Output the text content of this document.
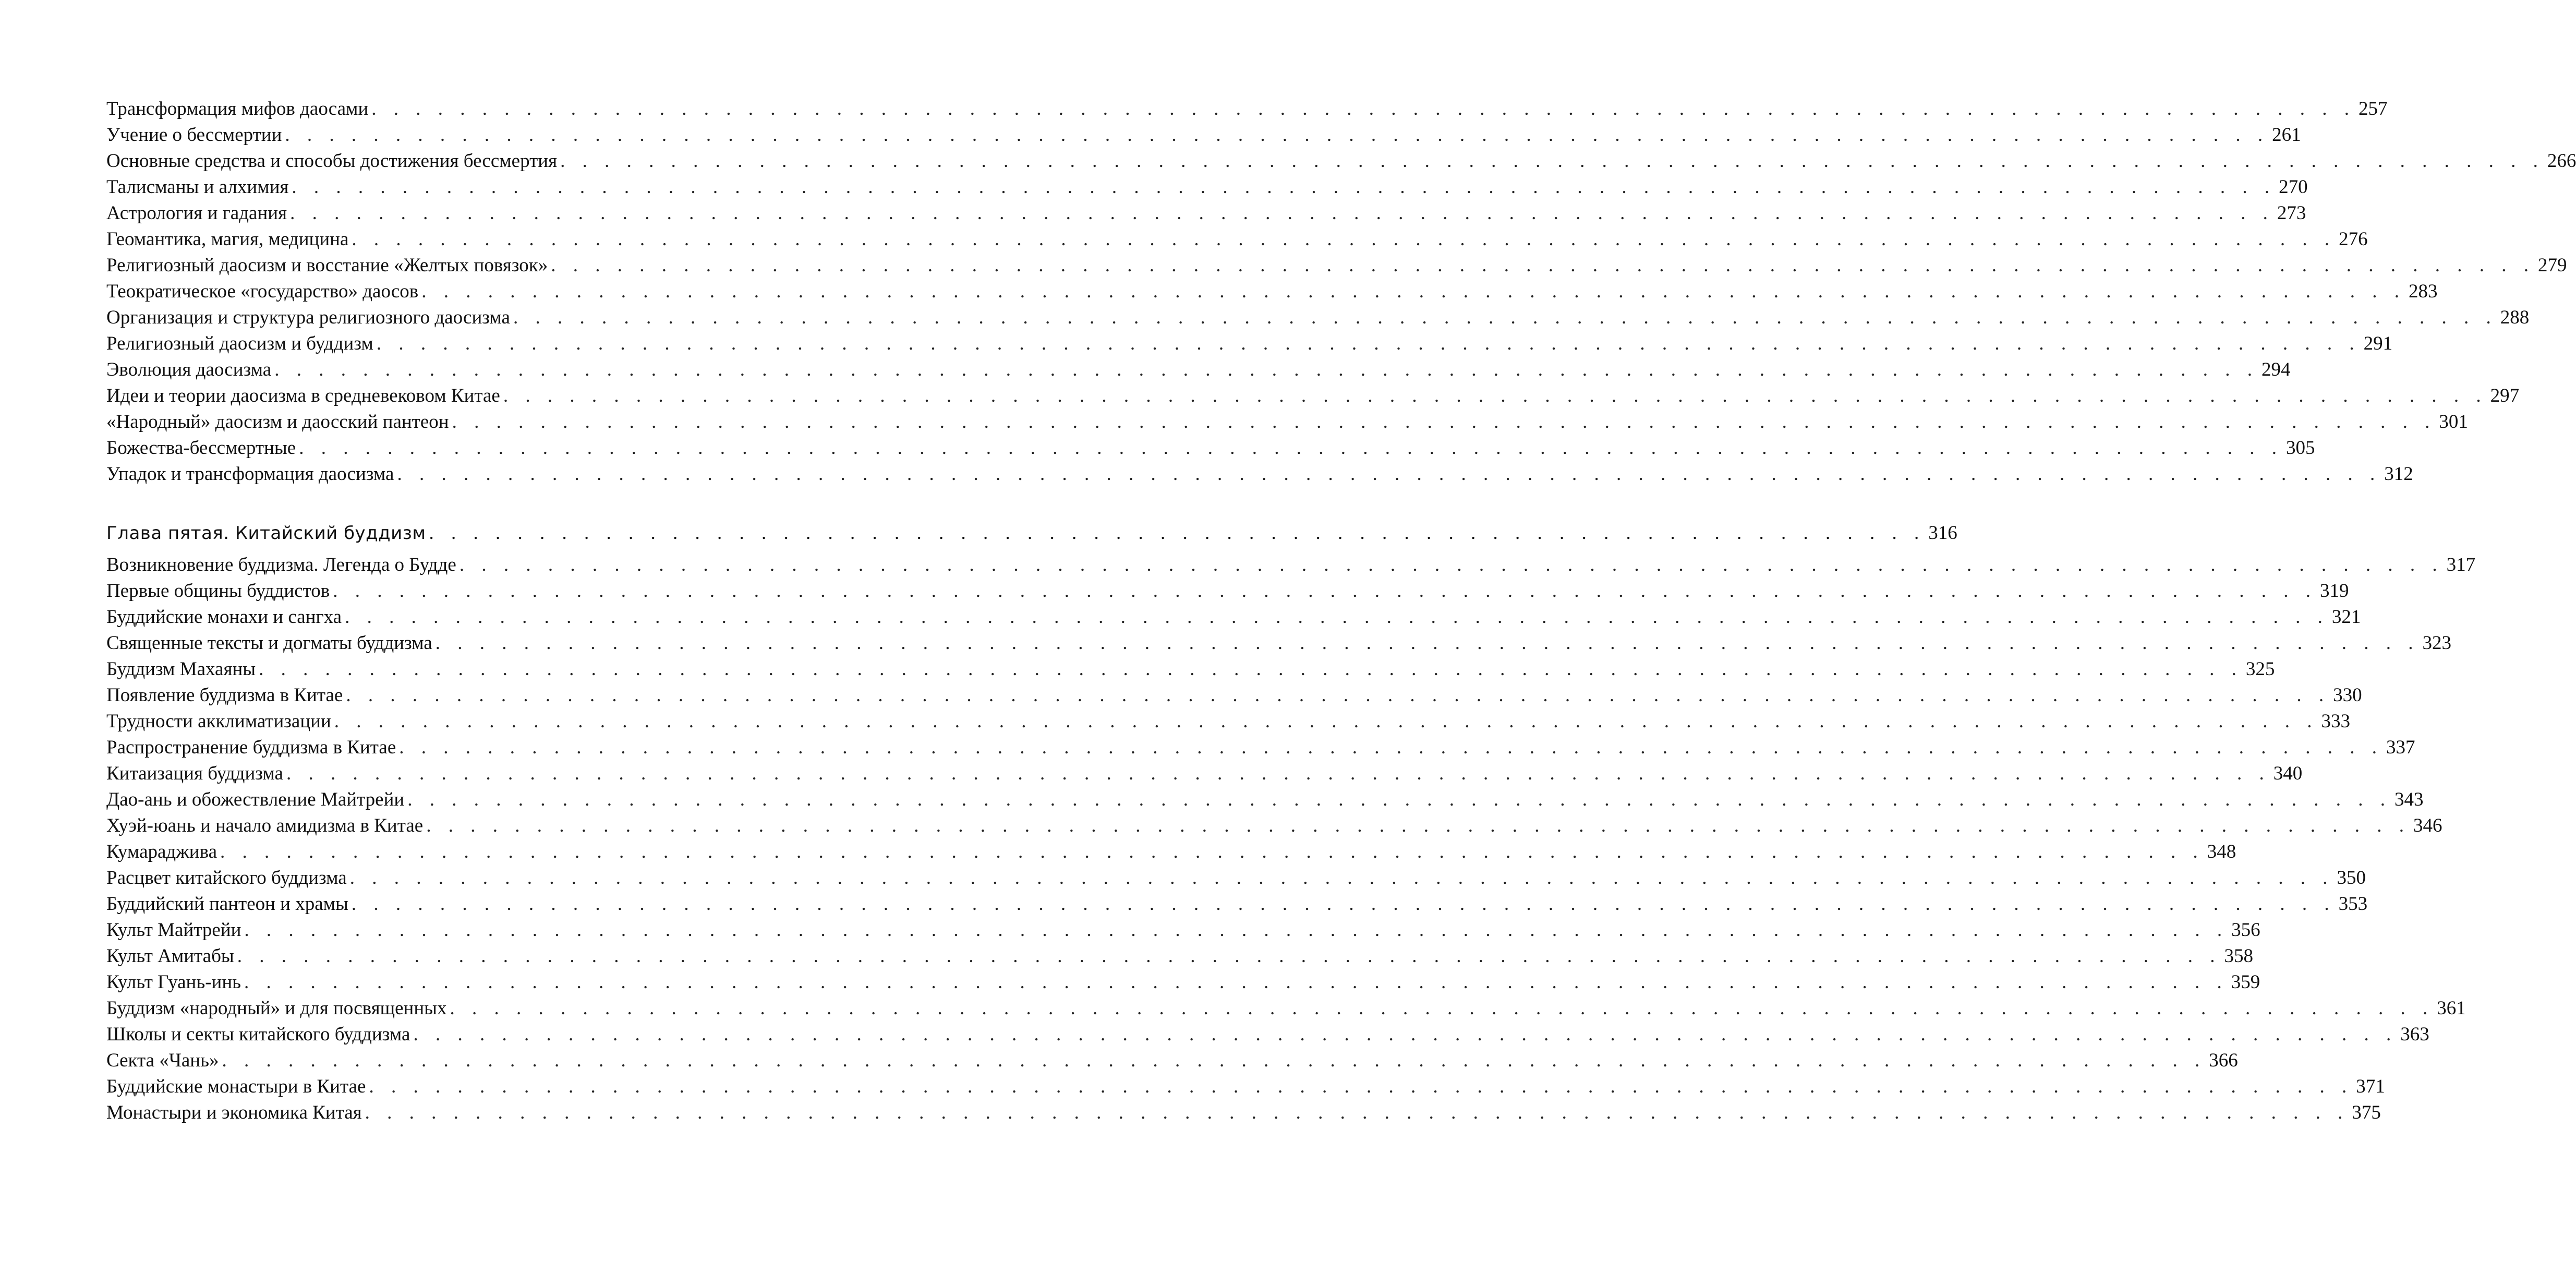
Трансформация мифов даосами . . . . . . . . . . . . . . . . . . . . . . . . . . . . . . . . . . . . . . . . . . . . . . . . . . . . . . . . . . . . . . . . . . . . . . . . . . . . . . . . . . . . . . . . . . 257
Учение о бессмертии . . . . . . . . . . . . . . . . . . . . . . . . . . . . . . . . . . . . . . . . . . . . . . . . . . . . . . . . . . . . . . . . . . . . . . . . . . . . . . . . . . . . . . . . . . 261
Основные средства и способы достижения бессмертия . . . . . . . . . . . . . . . . . . . . . . . . . . . . . . . . . . . . . . . . . . . . . . . . . . . . . . . . . . . . . . . . . . . . . . . . . . . . . . . . . . . . . . . . . . 266
Талисманы и алхимия . . . . . . . . . . . . . . . . . . . . . . . . . . . . . . . . . . . . . . . . . . . . . . . . . . . . . . . . . . . . . . . . . . . . . . . . . . . . . . . . . . . . . . . . . . 270
Астрология и гадания . . . . . . . . . . . . . . . . . . . . . . . . . . . . . . . . . . . . . . . . . . . . . . . . . . . . . . . . . . . . . . . . . . . . . . . . . . . . . . . . . . . . . . . . . . 273
Геомантика, магия, медицина . . . . . . . . . . . . . . . . . . . . . . . . . . . . . . . . . . . . . . . . . . . . . . . . . . . . . . . . . . . . . . . . . . . . . . . . . . . . . . . . . . . . . . . . . . 276
Религиозный даосизм и восстание «Желтых повязок» . . . . . . . . . . . . . . . . . . . . . . . . . . . . . . . . . . . . . . . . . . . . . . . . . . . . . . . . . . . . . . . . . . . . . . . . . . . . . . . . . . . . . . . . . . 279
Теократическое «государство» даосов . . . . . . . . . . . . . . . . . . . . . . . . . . . . . . . . . . . . . . . . . . . . . . . . . . . . . . . . . . . . . . . . . . . . . . . . . . . . . . . . . . . . . . . . . . 283
Организация и структура религиозного даосизма . . . . . . . . . . . . . . . . . . . . . . . . . . . . . . . . . . . . . . . . . . . . . . . . . . . . . . . . . . . . . . . . . . . . . . . . . . . . . . . . . . . . . . . . . . 288
Религиозный даосизм и буддизм . . . . . . . . . . . . . . . . . . . . . . . . . . . . . . . . . . . . . . . . . . . . . . . . . . . . . . . . . . . . . . . . . . . . . . . . . . . . . . . . . . . . . . . . . . 291
Эволюция даосизма . . . . . . . . . . . . . . . . . . . . . . . . . . . . . . . . . . . . . . . . . . . . . . . . . . . . . . . . . . . . . . . . . . . . . . . . . . . . . . . . . . . . . . . . . . 294
Идеи и теории даосизма в средневековом Китае . . . . . . . . . . . . . . . . . . . . . . . . . . . . . . . . . . . . . . . . . . . . . . . . . . . . . . . . . . . . . . . . . . . . . . . . . . . . . . . . . . . . . . . . . . 297
«Народный» даосизм и даосский пантеон . . . . . . . . . . . . . . . . . . . . . . . . . . . . . . . . . . . . . . . . . . . . . . . . . . . . . . . . . . . . . . . . . . . . . . . . . . . . . . . . . . . . . . . . . . 301
Божества-бессмертные . . . . . . . . . . . . . . . . . . . . . . . . . . . . . . . . . . . . . . . . . . . . . . . . . . . . . . . . . . . . . . . . . . . . . . . . . . . . . . . . . . . . . . . . . . 305
Упадок и трансформация даосизма . . . . . . . . . . . . . . . . . . . . . . . . . . . . . . . . . . . . . . . . . . . . . . . . . . . . . . . . . . . . . . . . . . . . . . . . . . . . . . . . . . . . . . . . . . 312
Глава пятая. Китайский буддизм . . . . . . . . . . . . . . . . . . . . . . . . . . . . . . . . . . . . . . . . . . . . . . . . . . . . . . . . . . . . . . . . . . . . 316
Возникновение буддизма. Легенда о Будде . . . . . . . . . . . . . . . . . . . . . . . . . . . . . . . . . . . . . . . . . . . . . . . . . . . . . . . . . . . . . . . . . . . . . . . . . . . . . . . . . . . . . . . . . . 317
Первые общины буддистов . . . . . . . . . . . . . . . . . . . . . . . . . . . . . . . . . . . . . . . . . . . . . . . . . . . . . . . . . . . . . . . . . . . . . . . . . . . . . . . . . . . . . . . . . . 319
Буддийские монахи и сангха . . . . . . . . . . . . . . . . . . . . . . . . . . . . . . . . . . . . . . . . . . . . . . . . . . . . . . . . . . . . . . . . . . . . . . . . . . . . . . . . . . . . . . . . . . 321
Священные тексты и догматы буддизма . . . . . . . . . . . . . . . . . . . . . . . . . . . . . . . . . . . . . . . . . . . . . . . . . . . . . . . . . . . . . . . . . . . . . . . . . . . . . . . . . . . . . . . . . . 323
Буддизм Махаяны . . . . . . . . . . . . . . . . . . . . . . . . . . . . . . . . . . . . . . . . . . . . . . . . . . . . . . . . . . . . . . . . . . . . . . . . . . . . . . . . . . . . . . . . . . 325
Появление буддизма в Китае . . . . . . . . . . . . . . . . . . . . . . . . . . . . . . . . . . . . . . . . . . . . . . . . . . . . . . . . . . . . . . . . . . . . . . . . . . . . . . . . . . . . . . . . . . 330
Трудности акклиматизации . . . . . . . . . . . . . . . . . . . . . . . . . . . . . . . . . . . . . . . . . . . . . . . . . . . . . . . . . . . . . . . . . . . . . . . . . . . . . . . . . . . . . . . . . . 333
Распространение буддизма в Китае . . . . . . . . . . . . . . . . . . . . . . . . . . . . . . . . . . . . . . . . . . . . . . . . . . . . . . . . . . . . . . . . . . . . . . . . . . . . . . . . . . . . . . . . . . 337
Китаизация буддизма . . . . . . . . . . . . . . . . . . . . . . . . . . . . . . . . . . . . . . . . . . . . . . . . . . . . . . . . . . . . . . . . . . . . . . . . . . . . . . . . . . . . . . . . . . 340
Дао-ань и обожествление Майтрейи . . . . . . . . . . . . . . . . . . . . . . . . . . . . . . . . . . . . . . . . . . . . . . . . . . . . . . . . . . . . . . . . . . . . . . . . . . . . . . . . . . . . . . . . . . 343
Хуэй-юань и начало амидизма в Китае . . . . . . . . . . . . . . . . . . . . . . . . . . . . . . . . . . . . . . . . . . . . . . . . . . . . . . . . . . . . . . . . . . . . . . . . . . . . . . . . . . . . . . . . . . 346
Кумараджива . . . . . . . . . . . . . . . . . . . . . . . . . . . . . . . . . . . . . . . . . . . . . . . . . . . . . . . . . . . . . . . . . . . . . . . . . . . . . . . . . . . . . . . . . . 348
Расцвет китайского буддизма . . . . . . . . . . . . . . . . . . . . . . . . . . . . . . . . . . . . . . . . . . . . . . . . . . . . . . . . . . . . . . . . . . . . . . . . . . . . . . . . . . . . . . . . . . 350
Буддийский пантеон и храмы . . . . . . . . . . . . . . . . . . . . . . . . . . . . . . . . . . . . . . . . . . . . . . . . . . . . . . . . . . . . . . . . . . . . . . . . . . . . . . . . . . . . . . . . . . 353
Культ Майтрейи . . . . . . . . . . . . . . . . . . . . . . . . . . . . . . . . . . . . . . . . . . . . . . . . . . . . . . . . . . . . . . . . . . . . . . . . . . . . . . . . . . . . . . . . . . 356
Культ Амитабы . . . . . . . . . . . . . . . . . . . . . . . . . . . . . . . . . . . . . . . . . . . . . . . . . . . . . . . . . . . . . . . . . . . . . . . . . . . . . . . . . . . . . . . . . . 358
Культ Гуань-инь . . . . . . . . . . . . . . . . . . . . . . . . . . . . . . . . . . . . . . . . . . . . . . . . . . . . . . . . . . . . . . . . . . . . . . . . . . . . . . . . . . . . . . . . . . 359
Буддизм «народный» и для посвященных . . . . . . . . . . . . . . . . . . . . . . . . . . . . . . . . . . . . . . . . . . . . . . . . . . . . . . . . . . . . . . . . . . . . . . . . . . . . . . . . . . . . . . . . . . 361
Школы и секты китайского буддизма . . . . . . . . . . . . . . . . . . . . . . . . . . . . . . . . . . . . . . . . . . . . . . . . . . . . . . . . . . . . . . . . . . . . . . . . . . . . . . . . . . . . . . . . . . 363
Секта «Чань» . . . . . . . . . . . . . . . . . . . . . . . . . . . . . . . . . . . . . . . . . . . . . . . . . . . . . . . . . . . . . . . . . . . . . . . . . . . . . . . . . . . . . . . . . . 366
Буддийские монастыри в Китае . . . . . . . . . . . . . . . . . . . . . . . . . . . . . . . . . . . . . . . . . . . . . . . . . . . . . . . . . . . . . . . . . . . . . . . . . . . . . . . . . . . . . . . . . . 371
Монастыри и экономика Китая . . . . . . . . . . . . . . . . . . . . . . . . . . . . . . . . . . . . . . . . . . . . . . . . . . . . . . . . . . . . . . . . . . . . . . . . . . . . . . . . . . . . . . . . . . 375
